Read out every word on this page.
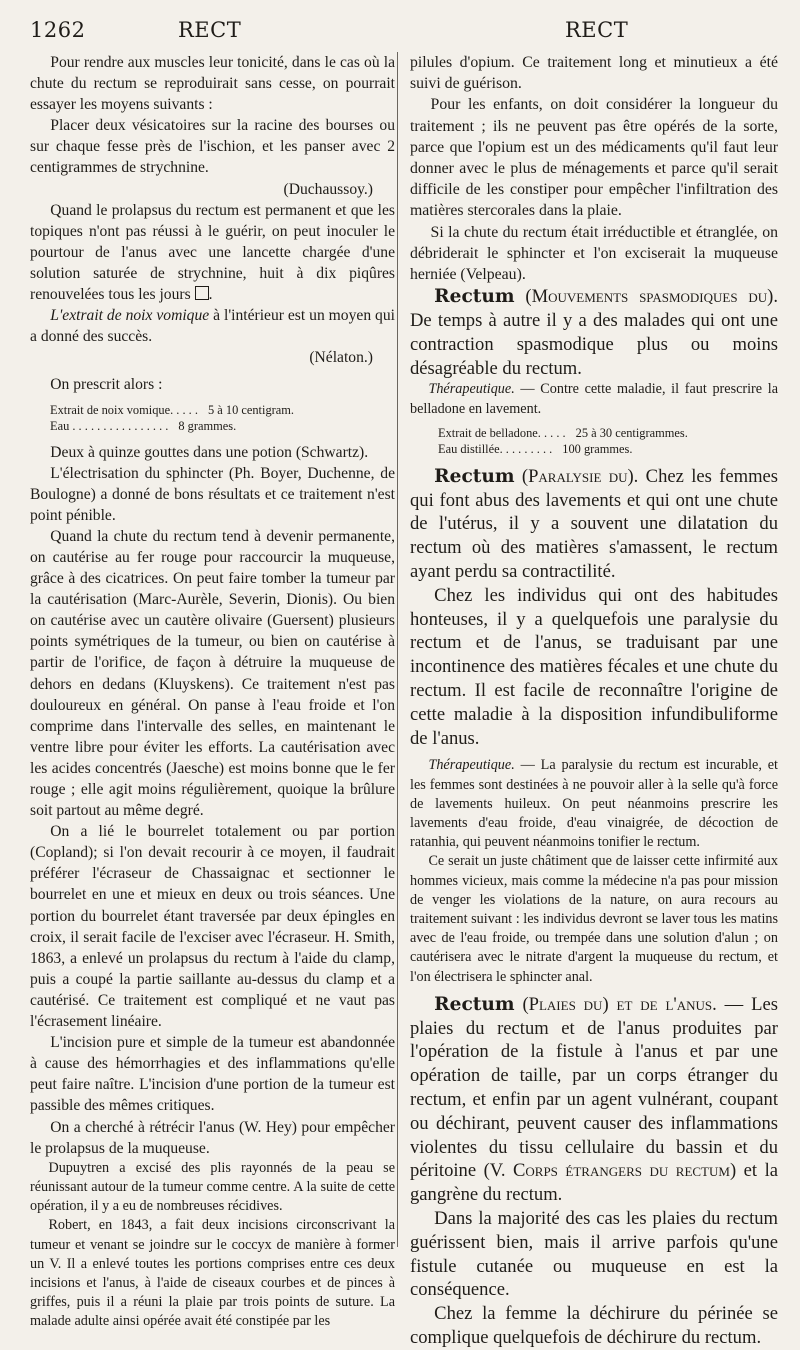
1262	RECT	RECT

Pour rendre aux muscles leur tonicité, dans le cas où la chute du rectum se reproduirait sans cesse, on pourrait essayer les moyens suivants :

Placer deux vésicatoires sur la racine des bourses ou sur chaque fesse près de l'ischion, et les panser avec 2 centigrammes de strychnine.

(Duchaussoy.)

Quand le prolapsus du rectum est permanent et que les topiques n'ont pas réussi à le guérir, on peut inoculer le pourtour de l'anus avec une lancette chargée d'une solution saturée de strychnine, huit à dix piqûres renouvelées tous les jours .

L'extrait de noix vomique à l'intérieur est un moyen qui a donné des succès.

(Nélaton.)

On prescrit alors :

Extrait de noix vomique. . . . . 5 à 10 centigram.
Eau . . . . . . . . . . . . . . . . 8 grammes.

Deux à quinze gouttes dans une potion (Schwartz).

L'électrisation du sphincter (Ph. Boyer, Duchenne, de Boulogne) a donné de bons résultats et ce traitement n'est point pénible.

Quand la chute du rectum tend à devenir permanente, on cautérise au fer rouge pour raccourcir la muqueuse, grâce à des cicatrices. On peut faire tomber la tumeur par la cautérisation (Marc-Aurèle, Severin, Dionis). Ou bien on cautérise avec un cautère olivaire (Guersent) plusieurs points symétriques de la tumeur, ou bien on cautérise à partir de l'orifice, de façon à détruire la muqueuse de dehors en dedans (Kluyskens). Ce traitement n'est pas douloureux en général. On panse à l'eau froide et l'on comprime dans l'intervalle des selles, en maintenant le ventre libre pour éviter les efforts. La cautérisation avec les acides concentrés (Jaesche) est moins bonne que le fer rouge ; elle agit moins régulièrement, quoique la brûlure soit partout au même degré.

On a lié le bourrelet totalement ou par portion (Copland); si l'on devait recourir à ce moyen, il faudrait préférer l'écraseur de Chassaignac et sectionner le bourrelet en une et mieux en deux ou trois séances. Une portion du bourrelet étant traversée par deux épingles en croix, il serait facile de l'exciser avec l'écraseur. H. Smith, 1863, a enlevé un prolapsus du rectum à l'aide du clamp, puis a coupé la partie saillante au-dessus du clamp et a cautérisé. Ce traitement est compliqué et ne vaut pas l'écrasement linéaire.

L'incision pure et simple de la tumeur est abandonnée à cause des hémorrhagies et des inflammations qu'elle peut faire naître. L'incision d'une portion de la tumeur est passible des mêmes critiques.

On a cherché à rétrécir l'anus (W. Hey) pour empêcher le prolapsus de la muqueuse.

Dupuytren a excisé des plis rayonnés de la peau se réunissant autour de la tumeur comme centre. A la suite de cette opération, il y a eu de nombreuses récidives.

Robert, en 1843, a fait deux incisions circonscrivant la tumeur et venant se joindre sur le coccyx de manière à former un V. Il a enlevé toutes les portions comprises entre ces deux incisions et l'anus, à l'aide de ciseaux courbes et de pinces à griffes, puis il a réuni la plaie par trois points de suture. La malade adulte ainsi opérée avait été constipée par les

pilules d'opium. Ce traitement long et minutieux a été suivi de guérison.

Pour les enfants, on doit considérer la longueur du traitement ; ils ne peuvent pas être opérés de la sorte, parce que l'opium est un des médicaments qu'il faut leur donner avec le plus de ménagements et parce qu'il serait difficile de les constiper pour empêcher l'infiltration des matières stercorales dans la plaie.

Si la chute du rectum était irréductible et étranglée, on débriderait le sphincter et l'on exciserait la muqueuse herniée (Velpeau).

Rectum (Mouvements spasmodiques du). De temps à autre il y a des malades qui ont une contraction spasmodique plus ou moins désagréable du rectum.

Thérapeutique. — Contre cette maladie, il faut prescrire la belladone en lavement.

Extrait de belladone. . . . . 25 à 30 centigrammes.
Eau distillée. . . . . . . . . 100 grammes.

Rectum (Paralysie du). Chez les femmes qui font abus des lavements et qui ont une chute de l'utérus, il y a souvent une dilatation du rectum où des matières s'amassent, le rectum ayant perdu sa contractilité.

Chez les individus qui ont des habitudes honteuses, il y a quelquefois une paralysie du rectum et de l'anus, se traduisant par une incontinence des matières fécales et une chute du rectum. Il est facile de reconnaître l'origine de cette maladie à la disposition infundibuliforme de l'anus.

Thérapeutique. — La paralysie du rectum est incurable, et les femmes sont destinées à ne pouvoir aller à la selle qu'à force de lavements huileux. On peut néanmoins prescrire les lavements d'eau froide, d'eau vinaigrée, de décoction de ratanhia, qui peuvent néanmoins tonifier le rectum.

Ce serait un juste châtiment que de laisser cette infirmité aux hommes vicieux, mais comme la médecine n'a pas pour mission de venger les violations de la nature, on aura recours au traitement suivant : les individus devront se laver tous les matins avec de l'eau froide, ou trempée dans une solution d'alun ; on cautérisera avec le nitrate d'argent la muqueuse du rectum, et l'on électrisera le sphincter anal.

Rectum (Plaies du) et de l'anus. — Les plaies du rectum et de l'anus produites par l'opération de la fistule à l'anus et par une opération de taille, par un corps étranger du rectum, et enfin par un agent vulnérant, coupant ou déchirant, peuvent causer des inflammations violentes du tissu cellulaire du bassin et du péritoine (V. Corps étrangers du rectum) et la gangrène du rectum.

Dans la majorité des cas les plaies du rectum guérissent bien, mais il arrive parfois qu'une fistule cutanée ou muqueuse en est la conséquence.

Chez la femme la déchirure du périnée se complique quelquefois de déchirure du rectum.
